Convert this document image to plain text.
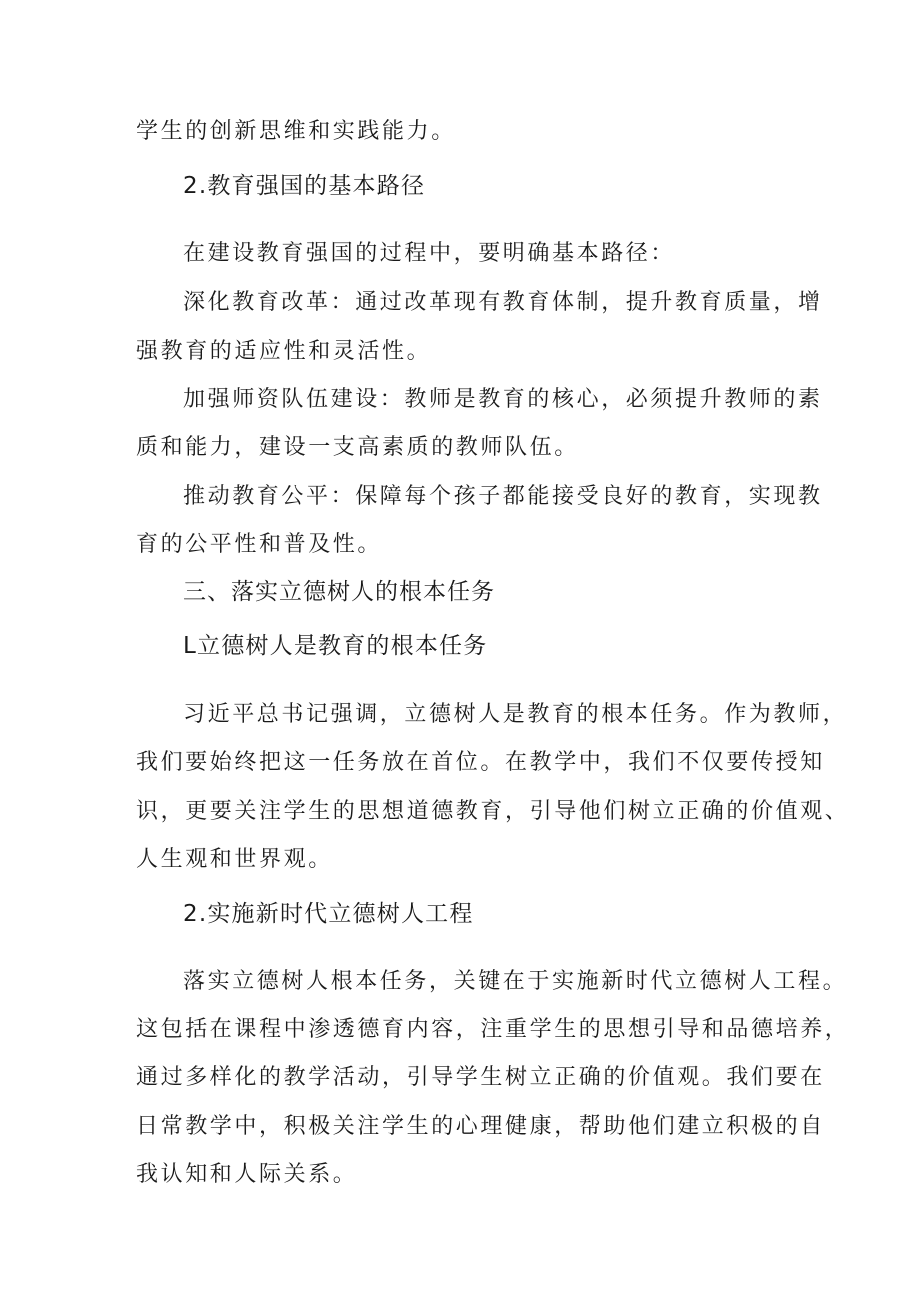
学生的创新思维和实践能力。
2.教育强国的基本路径
在建设教育强国的过程中，要明确基本路径：
深化教育改革：通过改革现有教育体制，提升教育质量，增
强教育的适应性和灵活性。
加强师资队伍建设：教师是教育的核心，必须提升教师的素
质和能力，建设一支高素质的教师队伍。
推动教育公平：保障每个孩子都能接受良好的教育，实现教
育的公平性和普及性。
三、落实立德树人的根本任务
L立德树人是教育的根本任务
习近平总书记强调，立德树人是教育的根本任务。作为教师，
我们要始终把这一任务放在首位。在教学中，我们不仅要传授知
识，更要关注学生的思想道德教育，引导他们树立正确的价值观、
人生观和世界观。
2.实施新时代立德树人工程
落实立德树人根本任务，关键在于实施新时代立德树人工程。
这包括在课程中渗透德育内容，注重学生的思想引导和品德培养，
通过多样化的教学活动，引导学生树立正确的价值观。我们要在
日常教学中，积极关注学生的心理健康，帮助他们建立积极的自
我认知和人际关系。
